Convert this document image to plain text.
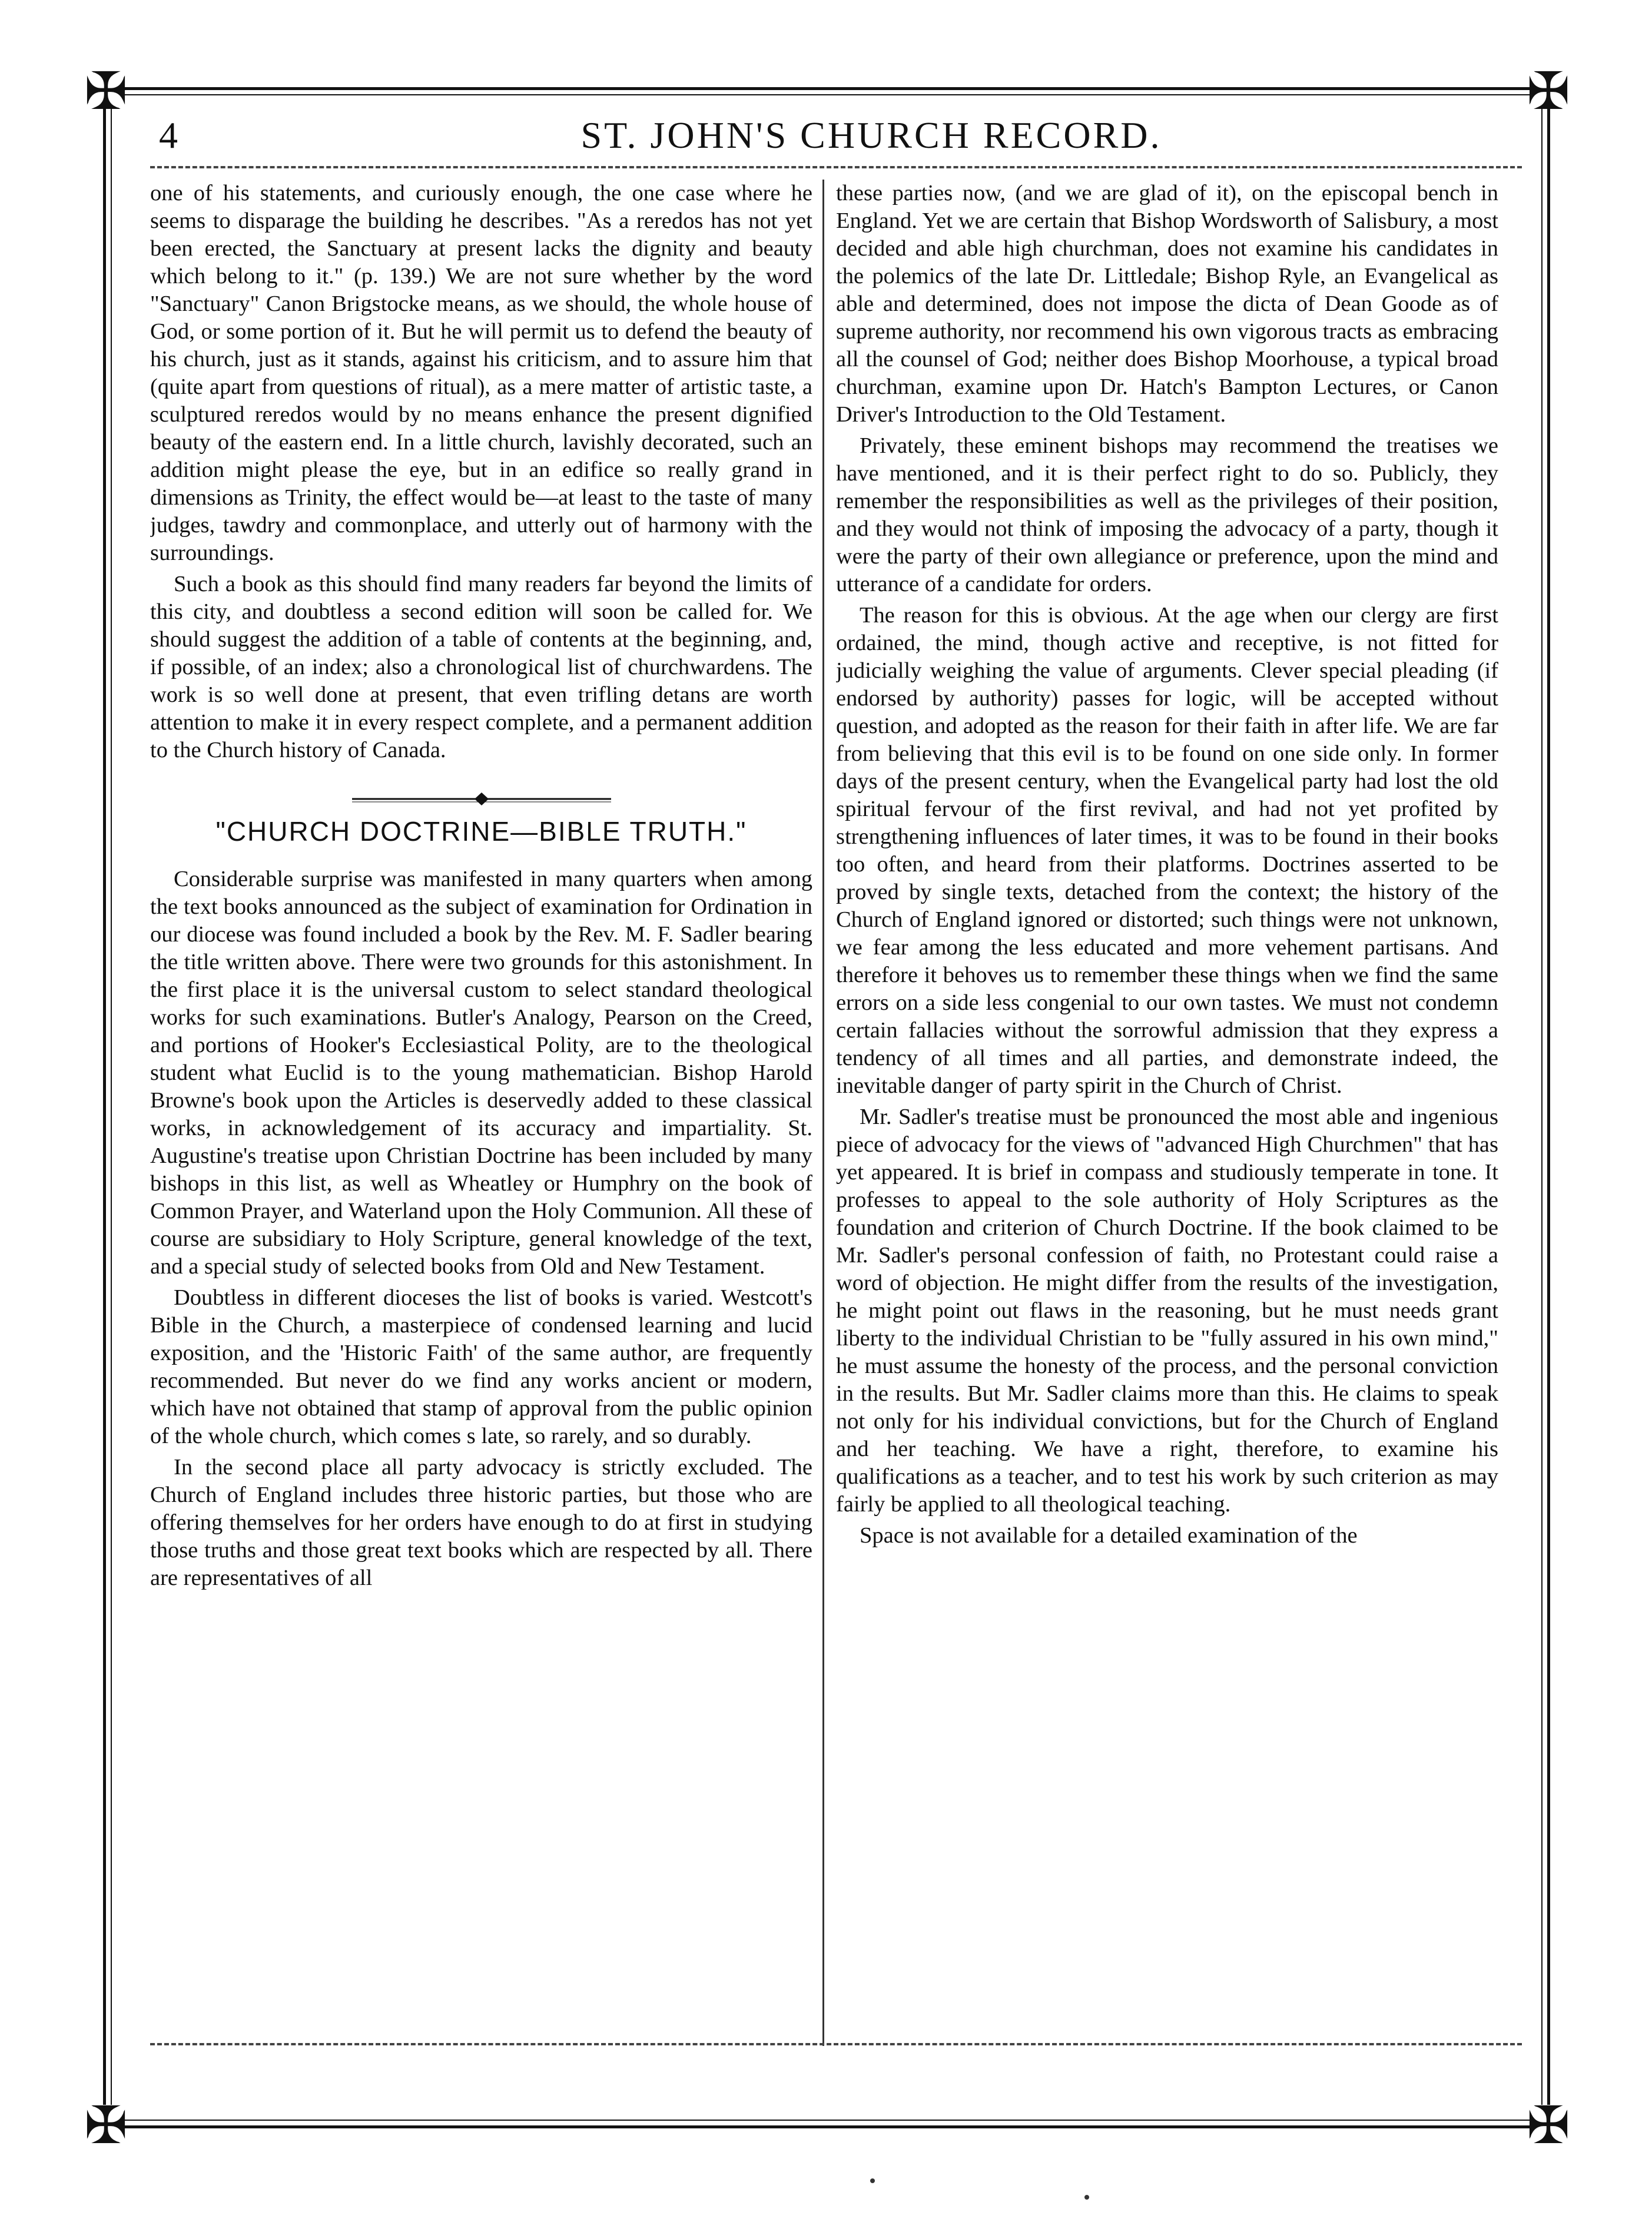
✠	✠
✠	✠
4	ST. JOHN'S CHURCH RECORD.

one of his statements, and curiously enough, the one case where he seems to disparage the building he describes. "As a reredos has not yet been erected, the Sanctuary at present lacks the dignity and beauty which belong to it." (p. 139.) We are not sure whether by the word "Sanctuary" Canon Brigstocke means, as we should, the whole house of God, or some portion of it. But he will permit us to defend the beauty of his church, just as it stands, against his criticism, and to assure him that (quite apart from questions of ritual), as a mere matter of artistic taste, a sculptured reredos would by no means enhance the present dignified beauty of the eastern end. In a little church, lavishly decorated, such an addition might please the eye, but in an edifice so really grand in dimensions as Trinity, the effect would be—at least to the taste of many judges, tawdry and commonplace, and utterly out of harmony with the surroundings.

Such a book as this should find many readers far beyond the limits of this city, and doubtless a second edition will soon be called for. We should suggest the addition of a table of contents at the beginning, and, if possible, of an index; also a chronological list of churchwardens. The work is so well done at present, that even trifling detans are worth attention to make it in every respect complete, and a permanent addition to the Church history of Canada.

"CHURCH DOCTRINE—BIBLE TRUTH."

Considerable surprise was manifested in many quarters when among the text books announced as the subject of examination for Ordination in our diocese was found included a book by the Rev. M. F. Sadler bearing the title written above. There were two grounds for this astonishment. In the first place it is the universal custom to select standard theological works for such examinations. Butler's Analogy, Pearson on the Creed, and portions of Hooker's Ecclesiastical Polity, are to the theological student what Euclid is to the young mathematician. Bishop Harold Browne's book upon the Articles is deservedly added to these classical works, in acknowledgement of its accuracy and impartiality. St. Augustine's treatise upon Christian Doctrine has been included by many bishops in this list, as well as Wheatley or Humphry on the book of Common Prayer, and Waterland upon the Holy Communion. All these of course are subsidiary to Holy Scripture, general knowledge of the text, and a special study of selected books from Old and New Testament.

Doubtless in different dioceses the list of books is varied. Westcott's Bible in the Church, a masterpiece of condensed learning and lucid exposition, and the 'Historic Faith' of the same author, are frequently recommended. But never do we find any works ancient or modern, which have not obtained that stamp of approval from the public opinion of the whole church, which comes s late, so rarely, and so durably.

In the second place all party advocacy is strictly excluded. The Church of England includes three historic parties, but those who are offering themselves for her orders have enough to do at first in studying those truths and those great text books which are respected by all. There are representatives of all

these parties now, (and we are glad of it), on the episcopal bench in England. Yet we are certain that Bishop Wordsworth of Salisbury, a most decided and able high churchman, does not examine his candidates in the polemics of the late Dr. Littledale; Bishop Ryle, an Evangelical as able and determined, does not impose the dicta of Dean Goode as of supreme authority, nor recommend his own vigorous tracts as embracing all the counsel of God; neither does Bishop Moorhouse, a typical broad churchman, examine upon Dr. Hatch's Bampton Lectures, or Canon Driver's Introduction to the Old Testament.

Privately, these eminent bishops may recommend the treatises we have mentioned, and it is their perfect right to do so. Publicly, they remember the responsibilities as well as the privileges of their position, and they would not think of imposing the advocacy of a party, though it were the party of their own allegiance or preference, upon the mind and utterance of a candidate for orders.

The reason for this is obvious. At the age when our clergy are first ordained, the mind, though active and receptive, is not fitted for judicially weighing the value of arguments. Clever special pleading (if endorsed by authority) passes for logic, will be accepted without question, and adopted as the reason for their faith in after life. We are far from believing that this evil is to be found on one side only. In former days of the present century, when the Evangelical party had lost the old spiritual fervour of the first revival, and had not yet profited by strengthening influences of later times, it was to be found in their books too often, and heard from their platforms. Doctrines asserted to be proved by single texts, detached from the context; the history of the Church of England ignored or distorted; such things were not unknown, we fear among the less educated and more vehement partisans. And therefore it behoves us to remember these things when we find the same errors on a side less congenial to our own tastes. We must not condemn certain fallacies without the sorrowful admission that they express a tendency of all times and all parties, and demonstrate indeed, the inevitable danger of party spirit in the Church of Christ.

Mr. Sadler's treatise must be pronounced the most able and ingenious piece of advocacy for the views of "advanced High Churchmen" that has yet appeared. It is brief in compass and studiously temperate in tone. It professes to appeal to the sole authority of Holy Scriptures as the foundation and criterion of Church Doctrine. If the book claimed to be Mr. Sadler's personal confession of faith, no Protestant could raise a word of objection. He might differ from the results of the investigation, he might point out flaws in the reasoning, but he must needs grant liberty to the individual Christian to be "fully assured in his own mind," he must assume the honesty of the process, and the personal conviction in the results. But Mr. Sadler claims more than this. He claims to speak not only for his individual convictions, but for the Church of England and her teaching. We have a right, therefore, to examine his qualifications as a teacher, and to test his work by such criterion as may fairly be applied to all theological teaching.

Space is not available for a detailed examination of the
